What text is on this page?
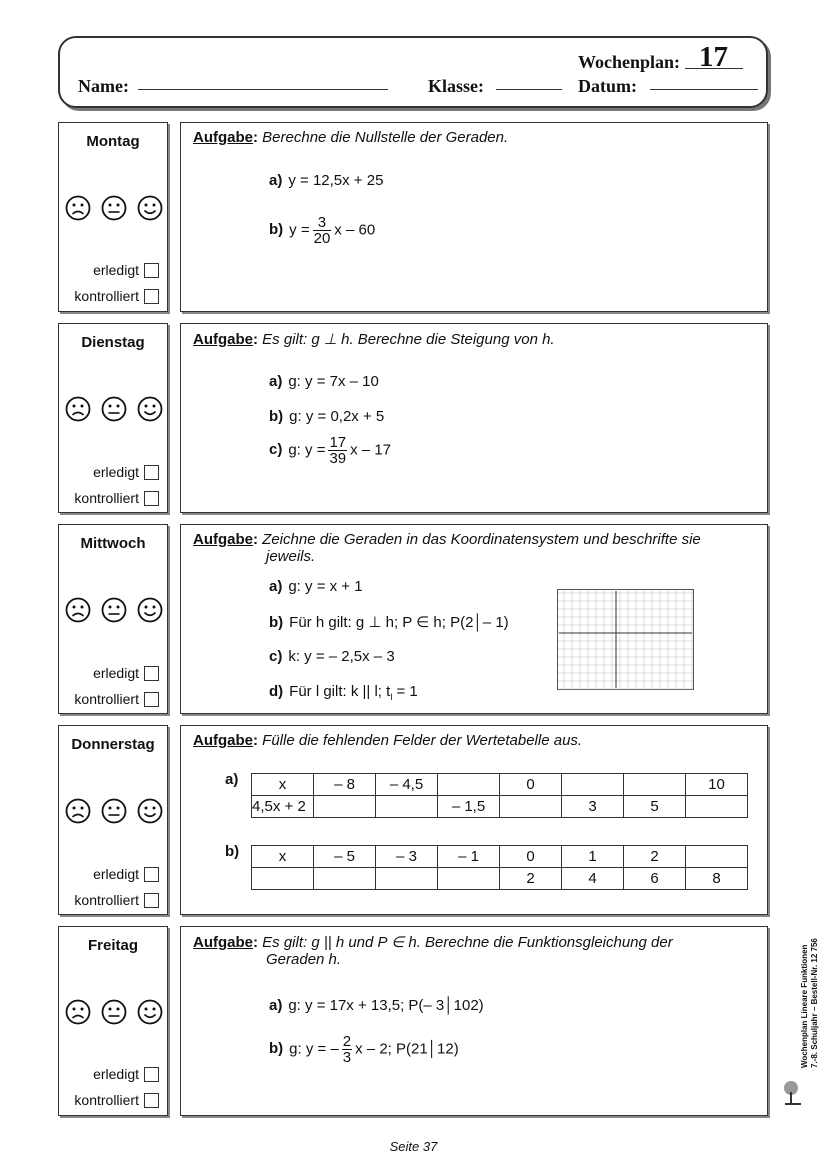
Wochenplan: 17
Name:	Klasse:	Datum:
Montag
erledigt
kontrolliert
Aufgabe: Berechne die Nullstelle der Geraden.
a) y = 12,5x + 25
b) $y = \frac{3}{20}$ x – 60
Dienstag
erledigt
kontrolliert
Aufgabe: Es gilt: g ⊥ h. Berechne die Steigung von h.
a) g: y = 7x – 10
b) g: y = 0,2x + 5
c) g: $y = \frac{17}{39}$ x – 17
Mittwoch
erledigt
kontrolliert
Aufgabe: Zeichne die Geraden in das Koordinatensystem und beschrifte sie
jeweils.
a) g: y = x + 1
b) Für h gilt: g ⊥ h; P ∈ h; P(2│– 1)
c) k: y = – 2,5x – 3
d) Für l gilt: k || l; $t_l = 1$
Donnerstag
erledigt
kontrolliert
Aufgabe: Fülle die fehlenden Felder der Wertetabelle aus.
a)	x	– 8	– 4,5		0			10
4,5x + 2			– 1,5		3	5	
b)	x	– 5	– 3	– 1	0	1	2	
				2	4	6	8
Freitag
erledigt
kontrolliert
Aufgabe: Es gilt: g || h und P ∈ h. Berechne die Funktionsgleichung der
Geraden h.
a) g: y = 17x + 13,5; P(– 3│102)
b) g: y = – $\frac{2}{3}$ x – 2; P(21│12)	Wochenplan Lineare Funktionen 7.-8. Schuljahr – Bestell-Nr. 12 756
Seite 37
